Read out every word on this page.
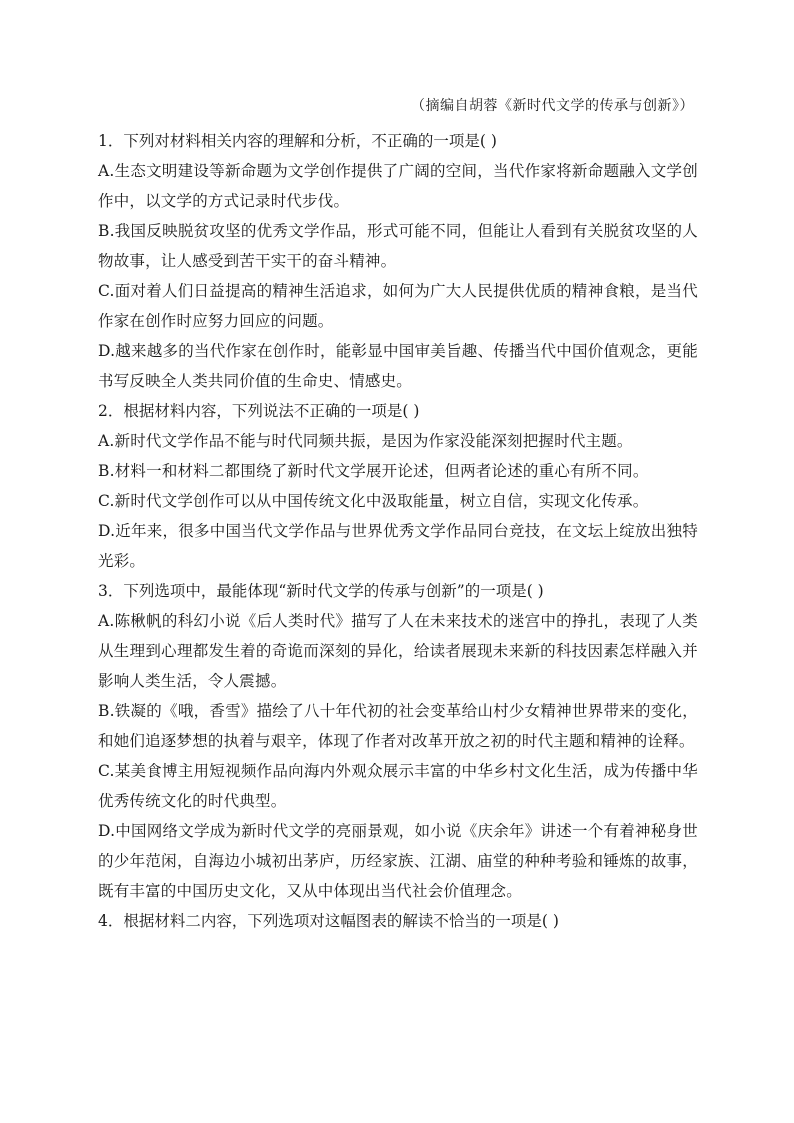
（摘编自胡蓉《新时代文学的传承与创新》）

1．下列对材料相关内容的理解和分析，不正确的一项是( )

A.生态文明建设等新命题为文学创作提供了广阔的空间，当代作家将新命题融入文学创作中，以文学的方式记录时代步伐。

B.我国反映脱贫攻坚的优秀文学作品，形式可能不同，但能让人看到有关脱贫攻坚的人物故事，让人感受到苦干实干的奋斗精神。

C.面对着人们日益提高的精神生活追求，如何为广大人民提供优质的精神食粮，是当代作家在创作时应努力回应的问题。

D.越来越多的当代作家在创作时，能彰显中国审美旨趣、传播当代中国价值观念，更能书写反映全人类共同价值的生命史、情感史。

2．根据材料内容，下列说法不正确的一项是( )

A.新时代文学作品不能与时代同频共振，是因为作家没能深刻把握时代主题。

B.材料一和材料二都围绕了新时代文学展开论述，但两者论述的重心有所不同。

C.新时代文学创作可以从中国传统文化中汲取能量，树立自信，实现文化传承。

D.近年来，很多中国当代文学作品与世界优秀文学作品同台竞技，在文坛上绽放出独特光彩。

3．下列选项中，最能体现“新时代文学的传承与创新”的一项是( )

A.陈楸帆的科幻小说《后人类时代》描写了人在未来技术的迷宫中的挣扎，表现了人类从生理到心理都发生着的奇诡而深刻的异化，给读者展现未来新的科技因素怎样融入并影响人类生活，令人震撼。

B.铁凝的《哦，香雪》描绘了八十年代初的社会变革给山村少女精神世界带来的变化，和她们追逐梦想的执着与艰辛，体现了作者对改革开放之初的时代主题和精神的诠释。

C.某美食博主用短视频作品向海内外观众展示丰富的中华乡村文化生活，成为传播中华优秀传统文化的时代典型。

D.中国网络文学成为新时代文学的亮丽景观，如小说《庆余年》讲述一个有着神秘身世的少年范闲，自海边小城初出茅庐，历经家族、江湖、庙堂的种种考验和锤炼的故事，既有丰富的中国历史文化，又从中体现出当代社会价值理念。

4．根据材料二内容，下列选项对这幅图表的解读不恰当的一项是( )
